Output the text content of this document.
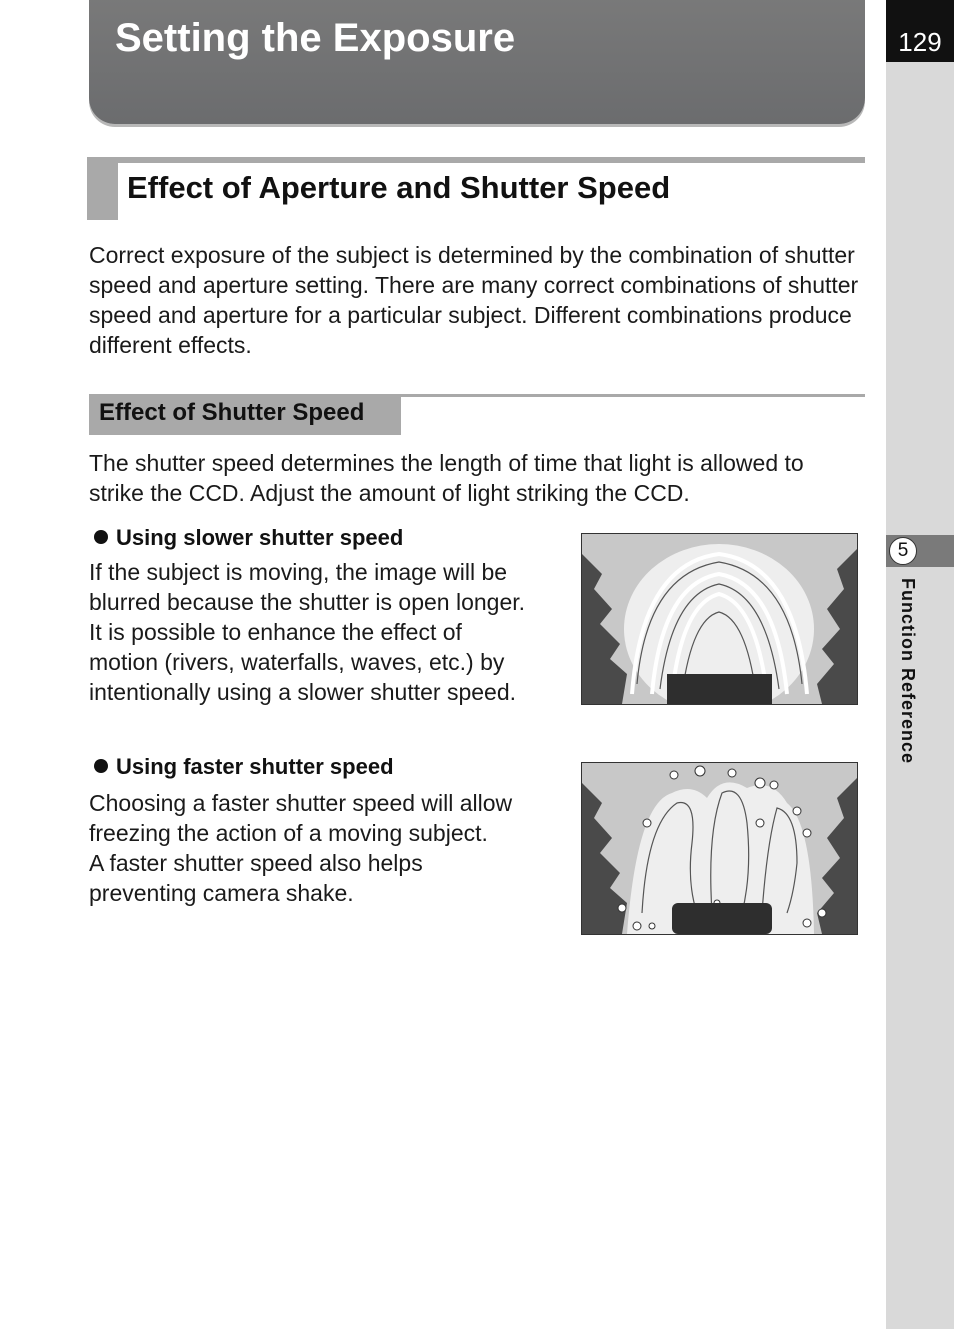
129
5
Function Reference
Setting the Exposure
Effect of Aperture and Shutter Speed

Correct exposure of the subject is determined by the combination of shutter speed and aperture setting. There are many correct combinations of shutter speed and aperture for a particular subject. Different combinations produce different effects.

Effect of Shutter Speed

The shutter speed determines the length of time that light is allowed to strike the CCD. Adjust the amount of light striking the CCD.

Using slower shutter speed

If the subject is moving, the image will be blurred because the shutter is open longer.
It is possible to enhance the effect of motion (rivers, waterfalls, waves, etc.) by intentionally using a slower shutter speed.

Using faster shutter speed

Choosing a faster shutter speed will allow freezing the action of a moving subject.
A faster shutter speed also helps preventing camera shake.
